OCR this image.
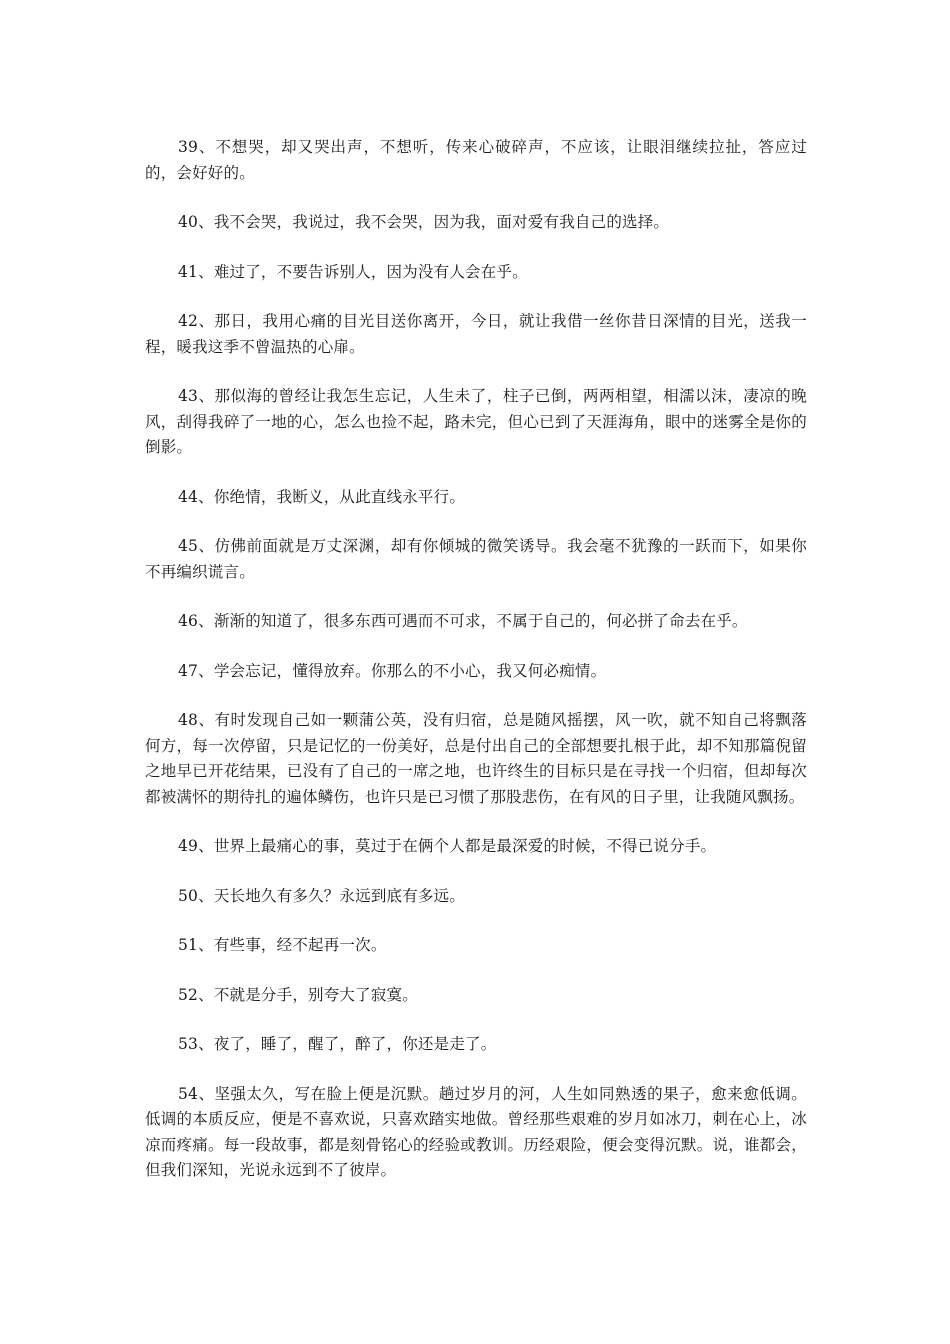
39、不想哭，却又哭出声，不想听，传来心破碎声，不应该，让眼泪继续拉扯，答应过的，会好好的。

40、我不会哭，我说过，我不会哭，因为我，面对爱有我自己的选择。

41、难过了，不要告诉别人，因为没有人会在乎。

42、那日，我用心痛的目光目送你离开，今日，就让我借一丝你昔日深情的目光，送我一程，暖我这季不曾温热的心扉。

43、那似海的曾经让我怎生忘记，人生未了，柱子已倒，两两相望，相濡以沫，凄凉的晚风，刮得我碎了一地的心，怎么也捡不起，路未完，但心已到了天涯海角，眼中的迷雾全是你的倒影。

44、你绝情，我断义，从此直线永平行。

45、仿佛前面就是万丈深渊，却有你倾城的微笑诱导。我会毫不犹豫的一跃而下，如果你不再编织谎言。

46、渐渐的知道了，很多东西可遇而不可求，不属于自己的，何必拼了命去在乎。

47、学会忘记，懂得放弃。你那么的不小心，我又何必痴情。

48、有时发现自己如一颗蒲公英，没有归宿，总是随风摇摆，风一吹，就不知自己将飘落何方，每一次停留，只是记忆的一份美好，总是付出自己的全部想要扎根于此，却不知那篇倪留之地早已开花结果，已没有了自己的一席之地，也许终生的目标只是在寻找一个归宿，但却每次都被满怀的期待扎的遍体鳞伤，也许只是已习惯了那股悲伤，在有风的日子里，让我随风飘扬。

49、世界上最痛心的事，莫过于在俩个人都是最深爱的时候，不得已说分手。

50、天长地久有多久？永远到底有多远。

51、有些事，经不起再一次。

52、不就是分手，别夸大了寂寞。

53、夜了，睡了，醒了，醉了，你还是走了。

54、坚强太久，写在脸上便是沉默。趟过岁月的河，人生如同熟透的果子，愈来愈低调。低调的本质反应，便是不喜欢说，只喜欢踏实地做。曾经那些艰难的岁月如冰刀，刺在心上，冰凉而疼痛。每一段故事，都是刻骨铭心的经验或教训。历经艰险，便会变得沉默。说，谁都会，但我们深知，光说永远到不了彼岸。
